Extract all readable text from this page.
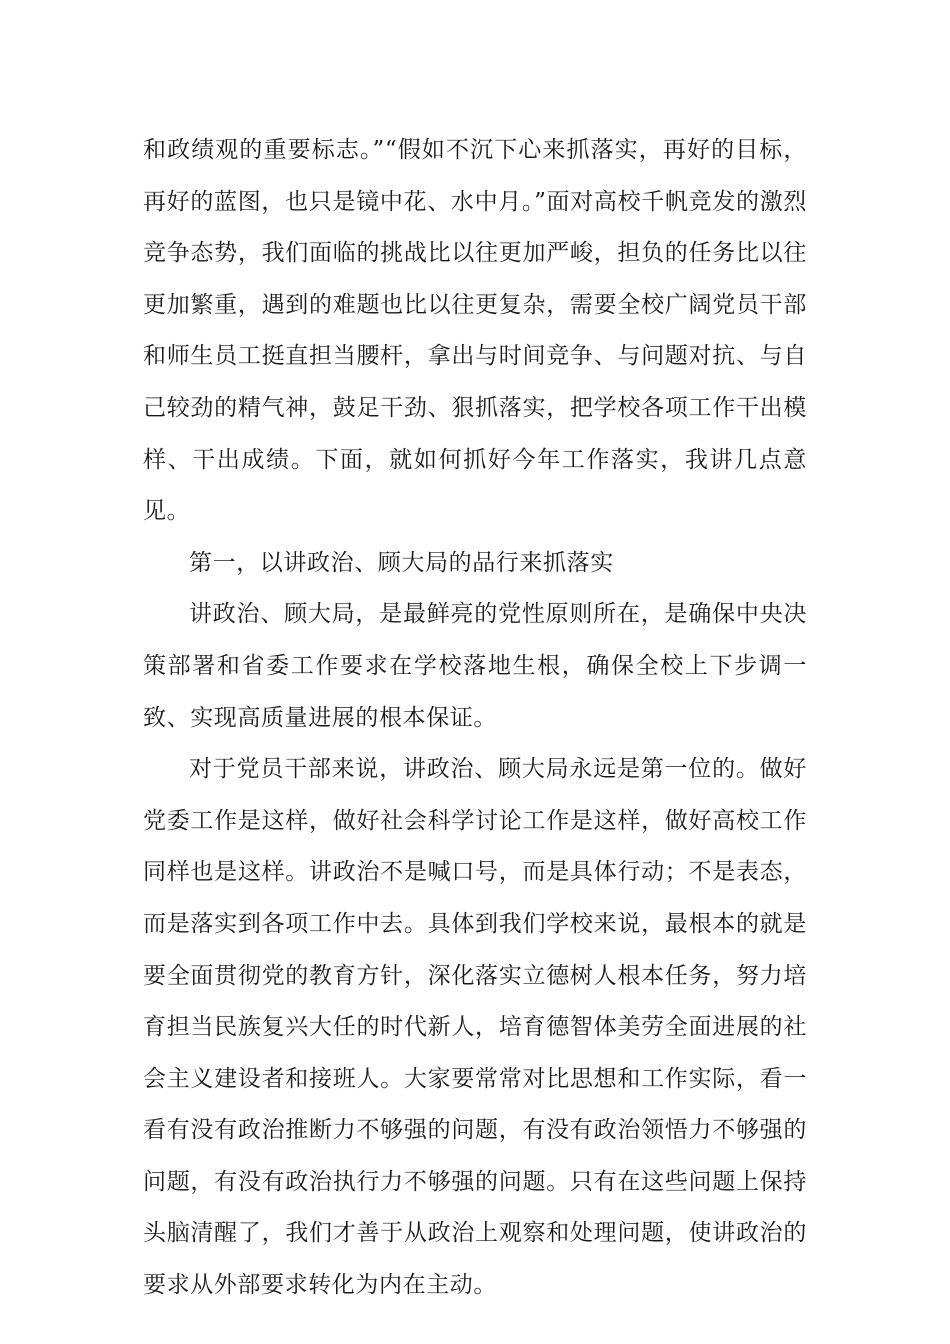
和政绩观的重要标志。”“假如不沉下心来抓落实，再好的目标，再好的蓝图，也只是镜中花、水中月。”面对高校千帆竞发的激烈竞争态势，我们面临的挑战比以往更加严峻，担负的任务比以往更加繁重，遇到的难题也比以往更复杂，需要全校广阔党员干部和师生员工挺直担当腰杆，拿出与时间竞争、与问题对抗、与自己较劲的精气神，鼓足干劲、狠抓落实，把学校各项工作干出模样、干出成绩。下面，就如何抓好今年工作落实，我讲几点意见。

第一，以讲政治、顾大局的品行来抓落实

讲政治、顾大局，是最鲜亮的党性原则所在，是确保中央决策部署和省委工作要求在学校落地生根，确保全校上下步调一致、实现高质量进展的根本保证。

对于党员干部来说，讲政治、顾大局永远是第一位的。做好党委工作是这样，做好社会科学讨论工作是这样，做好高校工作同样也是这样。讲政治不是喊口号，而是具体行动；不是表态，而是落实到各项工作中去。具体到我们学校来说，最根本的就是要全面贯彻党的教育方针，深化落实立德树人根本任务，努力培育担当民族复兴大任的时代新人，培育德智体美劳全面进展的社会主义建设者和接班人。大家要常常对比思想和工作实际，看一看有没有政治推断力不够强的问题，有没有政治领悟力不够强的问题，有没有政治执行力不够强的问题。只有在这些问题上保持头脑清醒了，我们才善于从政治上观察和处理问题，使讲政治的要求从外部要求转化为内在主动。
